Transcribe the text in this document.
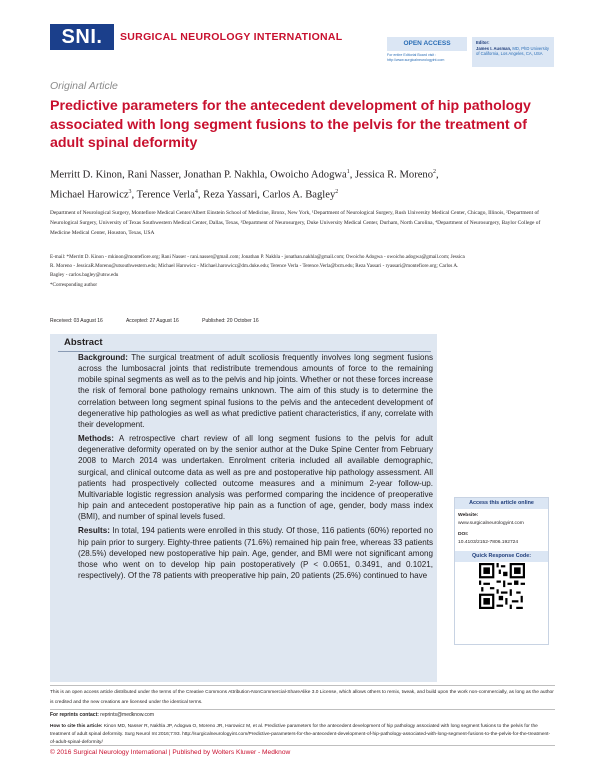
SNI.	SURGICAL NEUROLOGY INTERNATIONAL
OPEN ACCESS
For entire Editorial Board visit : http://www.surgicalneurologyint.com
Editor:
James I. Ausman, MD, PhD University of California, Los Angeles, CA, USA
Original Article
Predictive parameters for the antecedent development of hip pathology associated with long segment fusions to the pelvis for the treatment of adult spinal deformity
Merritt D. Kinon, Rani Nasser, Jonathan P. Nakhla, Owoicho Adogwa$^1$, Jessica R. Moreno$^2$,
Michael Harowicz$^3$, Terence Verla$^4$, Reza Yassari, Carlos A. Bagley$^2$
Department of Neurological Surgery, Montefiore Medical Center/Albert Einstein School of Medicine, Bronx, New York, ¹Department of Neurological Surgery, Rush University Medical Center, Chicago, Illinois, ²Department of Neurological Surgery, University of Texas Southwestern Medical Center, Dallas, Texas, ³Department of Neurosurgery, Duke University Medical Center, Durham, North Carolina, ⁴Department of Neurosurgery, Baylor College of Medicine Medical Center, Houston, Texas, USA
E-mail: *Merritt D. Kinon - mkinon@montefiore.org; Rani Nasser - rani.nasser@gmail.com; Jonathan P. Nakhla - jonathan.nakhla@gmail.com; Owoicho Adogwa - owoicho.adogwa@gmail.com; Jessica R. Moreno - JessicaR.Moreno@utsouthwestern.edu; Michael Harowicz - Michael.harowicz@dm.duke.edu; Terence Verla - Terence.Verla@bcm.edu; Reza Yassari - ryassari@montefiore.org; Carlos A. Bagley - carlos.bagley@utsw.edu
*Corresponding author
Received: 03 August 16	Accepted: 27 August 16	Published: 20 October 16
Abstract

Background: The surgical treatment of adult scoliosis frequently involves long segment fusions across the lumbosacral joints that redistribute tremendous amounts of force to the remaining mobile spinal segments as well as to the pelvis and hip joints. Whether or not these forces increase the risk of femoral bone pathology remains unknown. The aim of this study is to determine the correlation between long segment spinal fusions to the pelvis and the antecedent development of degenerative hip pathologies as well as what predictive patient characteristics, if any, correlate with their development.

Methods: A retrospective chart review of all long segment fusions to the pelvis for adult degenerative deformity operated on by the senior author at the Duke Spine Center from February 2008 to March 2014 was undertaken. Enrolment criteria included all available demographic, surgical, and clinical outcome data as well as pre and postoperative hip pathology assessment. All patients had prospectively collected outcome measures and a minimum 2-year follow-up. Multivariable logistic regression analysis was performed comparing the incidence of preoperative hip pain and antecedent postoperative hip pain as a function of age, gender, body mass index (BMI), and number of spinal levels fused.

Results: In total, 194 patients were enrolled in this study. Of those, 116 patients (60%) reported no hip pain prior to surgery. Eighty-three patients (71.6%) remained hip pain free, whereas 33 patients (28.5%) developed new postoperative hip pain. Age, gender, and BMI were not significant among those who went on to develop hip pain postoperatively (P < 0.0651, 0.3491, and 0.1021, respectively). Of the 78 patients with preoperative hip pain, 20 patients (25.6%) continued to have

Access this article online
Website:
www.surgicalneurologyint.com
DOI:
10.4103/2152-7806.192724
Quick Response Code:
This is an open access article distributed under the terms of the Creative Commons Attribution-NonCommercial-ShareAlike 3.0 License, which allows others to remix, tweak, and build upon the work non-commercially, as long as the author is credited and the new creations are licensed under the identical terms.
For reprints contact: reprints@medknow.com
How to cite this article: Kinon MD, Nasser R, Nakhla JP, Adogwa O, Moreno JR, Harowicz M, et al. Predictive parameters for the antecedent development of hip pathology associated with long segment fusions to the pelvis for the treatment of adult spinal deformity. Surg Neurol Int 2016;7:93. http://surgicalneurologyint.com/Predictive-parameters-for-the-antecedent-development-of-hip-pathology-associated-with-long-segment-fusions-to-the-pelvis-for-the-treatment-of-adult-spinal-deformity/
© 2016 Surgical Neurology International | Published by Wolters Kluwer - Medknow
